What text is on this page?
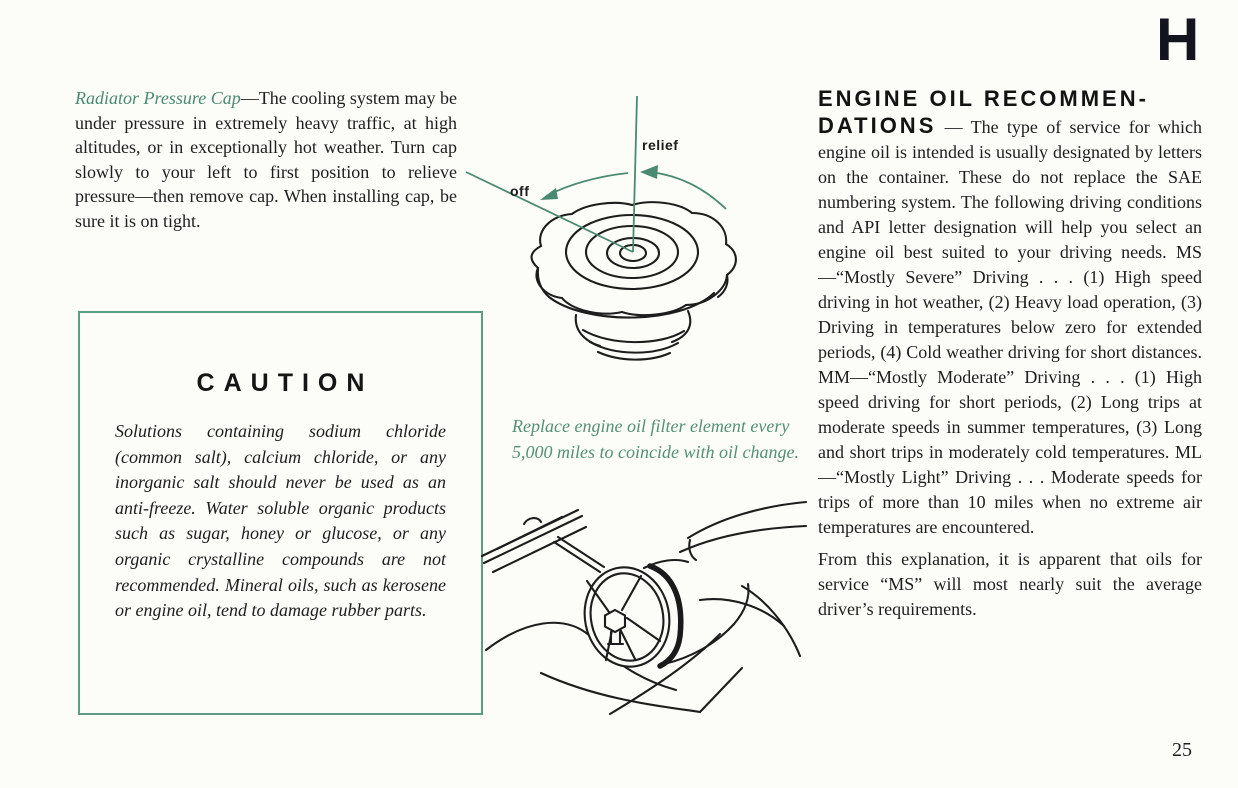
H

Radiator Pressure Cap—The cooling system may be under pressure in extremely heavy traffic, at high altitudes, or in exceptionally hot weather. Turn cap slowly to your left to first position to relieve pressure—then remove cap. When installing cap, be sure it is on tight.

CAUTION

Solutions containing sodium chloride (common salt), calcium chloride, or any inorganic salt should never be used as an anti-freeze. Water soluble organic products such as sugar, honey or glucose, or any organic crystalline compounds are not recommended. Mineral oils, such as kerosene or engine oil, tend to damage rubber parts.

relief
off

Replace engine oil filter element every 5,000 miles to coincide with oil change.

ENGINE OIL RECOMMEN-

DATIONS — The type of service for which engine oil is intended is usually designated by letters on the container. These do not replace the SAE numbering system. The following driving conditions and API letter designation will help you select an engine oil best suited to your driving needs. MS—“Mostly Severe” Driving . . . (1) High speed driving in hot weather, (2) Heavy load operation, (3) Driving in temperatures below zero for extended periods, (4) Cold weather driving for short distances. MM—“Mostly Moderate” Driving . . . (1) High speed driving for short periods, (2) Long trips at moderate speeds in summer temperatures, (3) Long and short trips in moderately cold temperatures. ML—“Mostly Light” Driving . . . Moderate speeds for trips of more than 10 miles when no extreme air temperatures are encountered.

From this explanation, it is apparent that oils for service “MS” will most nearly suit the average driver’s requirements.

25
